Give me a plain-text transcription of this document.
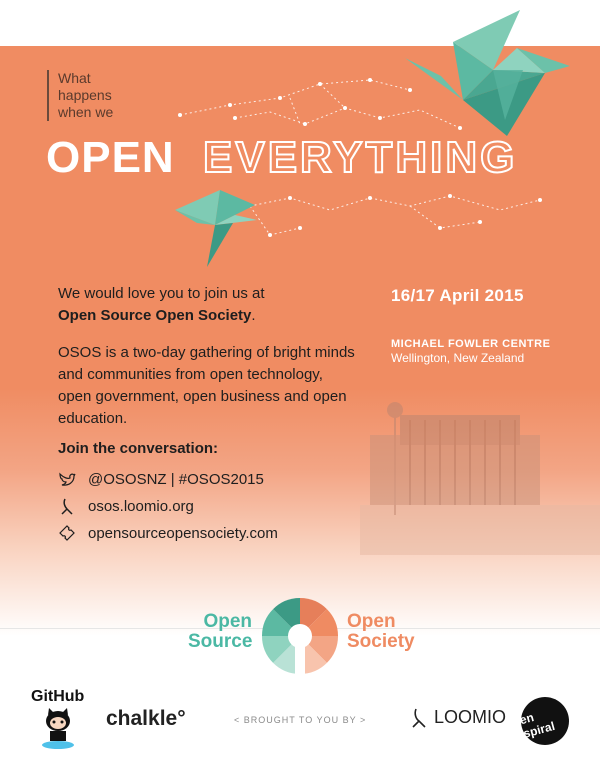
What
happens
when we
OPEN EVERYTHING
We would love you to join us at
Open Source Open Society.
OSOS is a two-day gathering of bright minds and communities from open technology, open government, open business and open education.
16/17 April 2015
MICHAEL FOWLER CENTRE
Wellington, New Zealand
Join the conversation:
@OSOSNZ | #OSOS2015
osos.loomio.org
opensourceopensociety.com
Open
Source
Open
Society
GitHub
chalkle°	< BROUGHT TO YOU BY >	LOOMIO en spiral
